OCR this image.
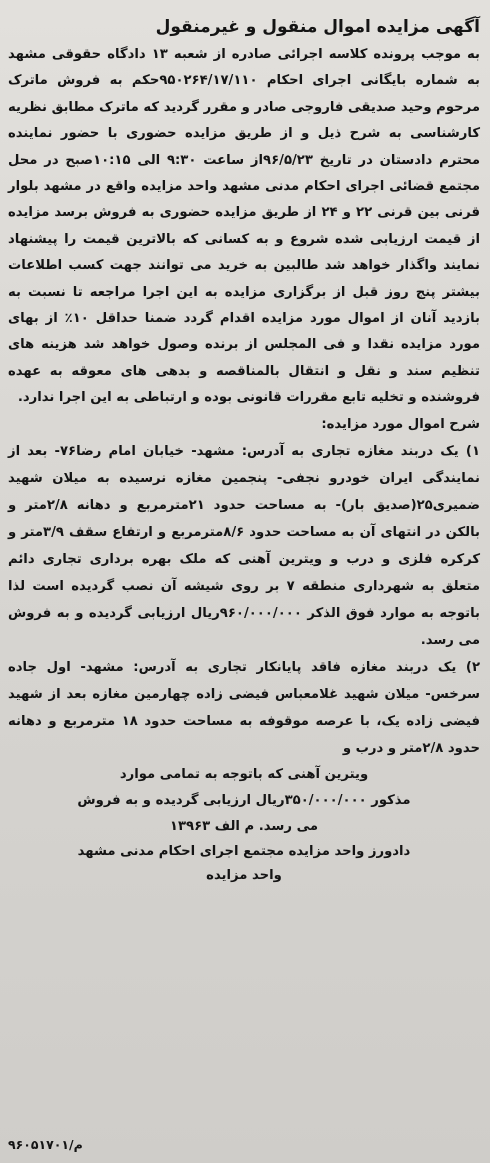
آگهی مزایده اموال منقول و غیرمنقول

به موجب پرونده کلاسه اجرائی صادره از شعبه ۱۳ دادگاه حقوقی مشهد به شماره بایگانی اجرای احکام ۹۵۰۲۶۴/۱۷/۱۱۰حکم به فروش ماترک مرحوم وحید صدیقی فاروجی صادر و مقرر گردید که ماترک مطابق نظریه کارشناسی به شرح ذیل و از طریق مزایده حضوری با حضور نماینده محترم دادستان در تاریخ ۹۶/۵/۲۳از ساعت ۹:۳۰ الی ۱۰:۱۵صبح در محل مجتمع قضائی اجرای احکام مدنی مشهد واحد مزایده واقع در مشهد بلوار قرنی بین قرنی ۲۲ و ۲۴ از طریق مزایده حضوری به فروش برسد مزایده از قیمت ارزیابی شده شروع و به کسانی که بالاترین قیمت را پیشنهاد نمایند واگذار خواهد شد طالبین به خرید می توانند جهت کسب اطلاعات بیشتر پنج روز قبل از برگزاری مزایده به این اجرا مراجعه تا نسبت به بازدید آنان از اموال مورد مزایده اقدام گردد ضمنا حداقل ۱۰٪ از بهای مورد مزایده نقدا و فی المجلس از برنده وصول خواهد شد هزینه های تنظیم سند و نقل و انتقال بالمناقصه و بدهی های معوقه به عهده فروشنده و تخلیه تابع مقررات قانونی بوده و ارتباطی به این اجرا ندارد.

شرح اموال مورد مزایده:

۱) یک دربند مغازه تجاری به آدرس: مشهد- خیابان امام رضا۷۶- بعد از نمایندگی ایران خودرو نجفی- پنجمین مغازه نرسیده به میلان شهید ضمیری۲۵(صدیق بار)- به مساحت حدود ۲۱مترمربع و دهانه ۲/۸متر و بالکن در انتهای آن به مساحت حدود ۸/۶مترمربع و ارتفاع سقف ۳/۹متر و کرکره فلزی و درب و ویترین آهنی که ملک بهره برداری تجاری دائم متعلق به شهرداری منطقه ۷ بر روی شیشه آن نصب گردیده است لذا باتوجه به موارد فوق الذکر ۹۶۰/۰۰۰/۰۰۰ریال ارزیابی گردیده و به فروش می رسد.

۲) یک دربند مغازه فاقد پایانکار تجاری به آدرس: مشهد- اول جاده سرخس- میلان شهید غلامعباس فیضی زاده چهارمین مغازه بعد از شهید فیضی زاده یک، با عرصه موقوفه به مساحت حدود ۱۸ مترمربع و دهانه حدود ۲/۸متر و درب و

ویترین آهنی که باتوجه به تمامی موارد
مذکور ۳۵۰/۰۰۰/۰۰۰ریال ارزیابی گردیده و به فروش
می رسد. م الف ۱۳۹۶۳
دادورز واحد مزایده مجتمع اجرای احکام مدنی مشهد
واحد مزایده
م/۹۶۰۵۱۷۰۱
